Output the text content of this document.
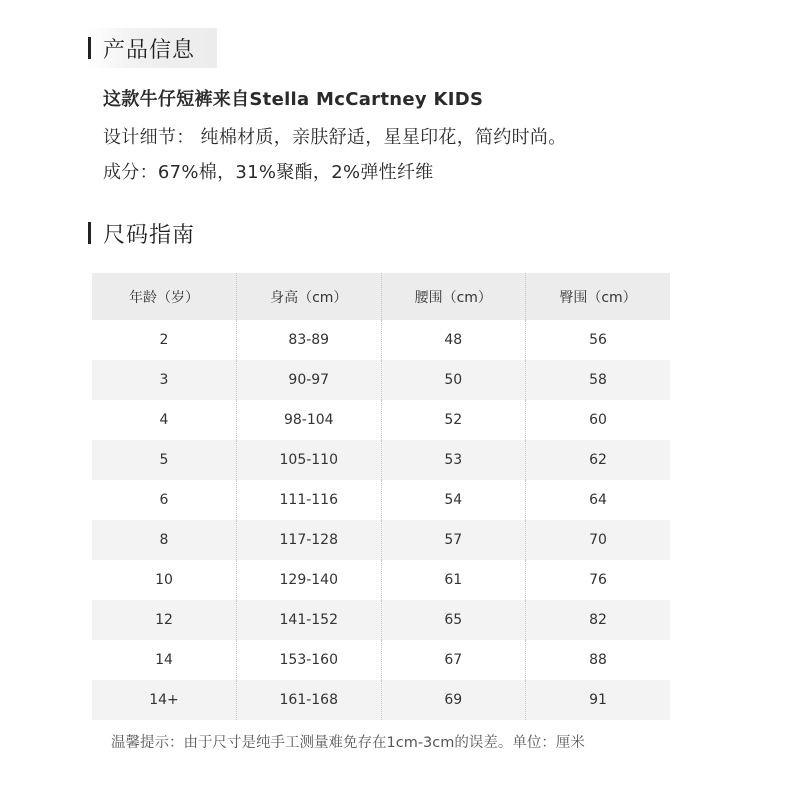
产品信息
这款牛仔短裤来自Stella McCartney KIDS
设计细节： 纯棉材质，亲肤舒适，星星印花，简约时尚。
成分：67%棉，31%聚酯，2%弹性纤维
尺码指南
年龄（岁）	身高（cm）	腰围（cm）	臀围（cm）
2	83-89	48	56
3	90-97	50	58
4	98-104	52	60
5	105-110	53	62
6	111-116	54	64
8	117-128	57	70
10	129-140	61	76
12	141-152	65	82
14	153-160	67	88
14+	161-168	69	91
温馨提示：由于尺寸是纯手工测量难免存在1cm-3cm的误差。单位：厘米
